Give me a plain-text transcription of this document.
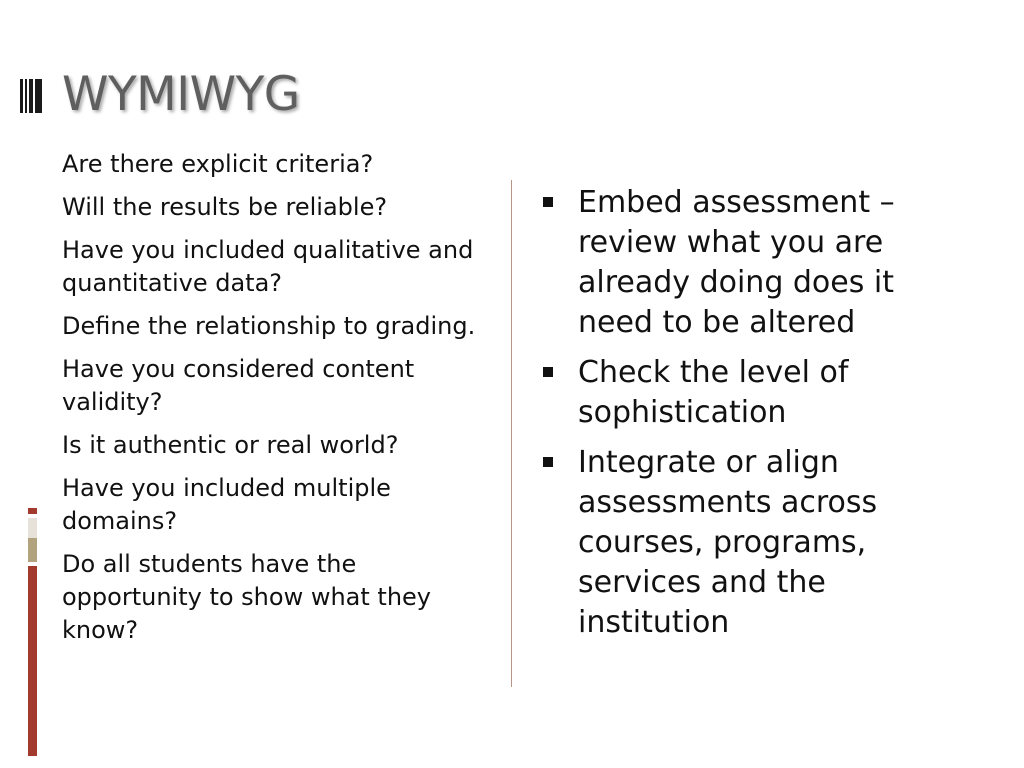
WYMIWYG
Are there explicit criteria?
Will the results be reliable?
Have you included qualitative and quantitative data?
Define the relationship to grading.
Have you considered content validity?
Is it authentic or real world?
Have you included multiple domains?
Do all students have the opportunity to show what they know?
Embed assessment – review what you are already doing does it need to be altered
Check the level of sophistication
Integrate or align assessments across courses, programs, services and the institution
